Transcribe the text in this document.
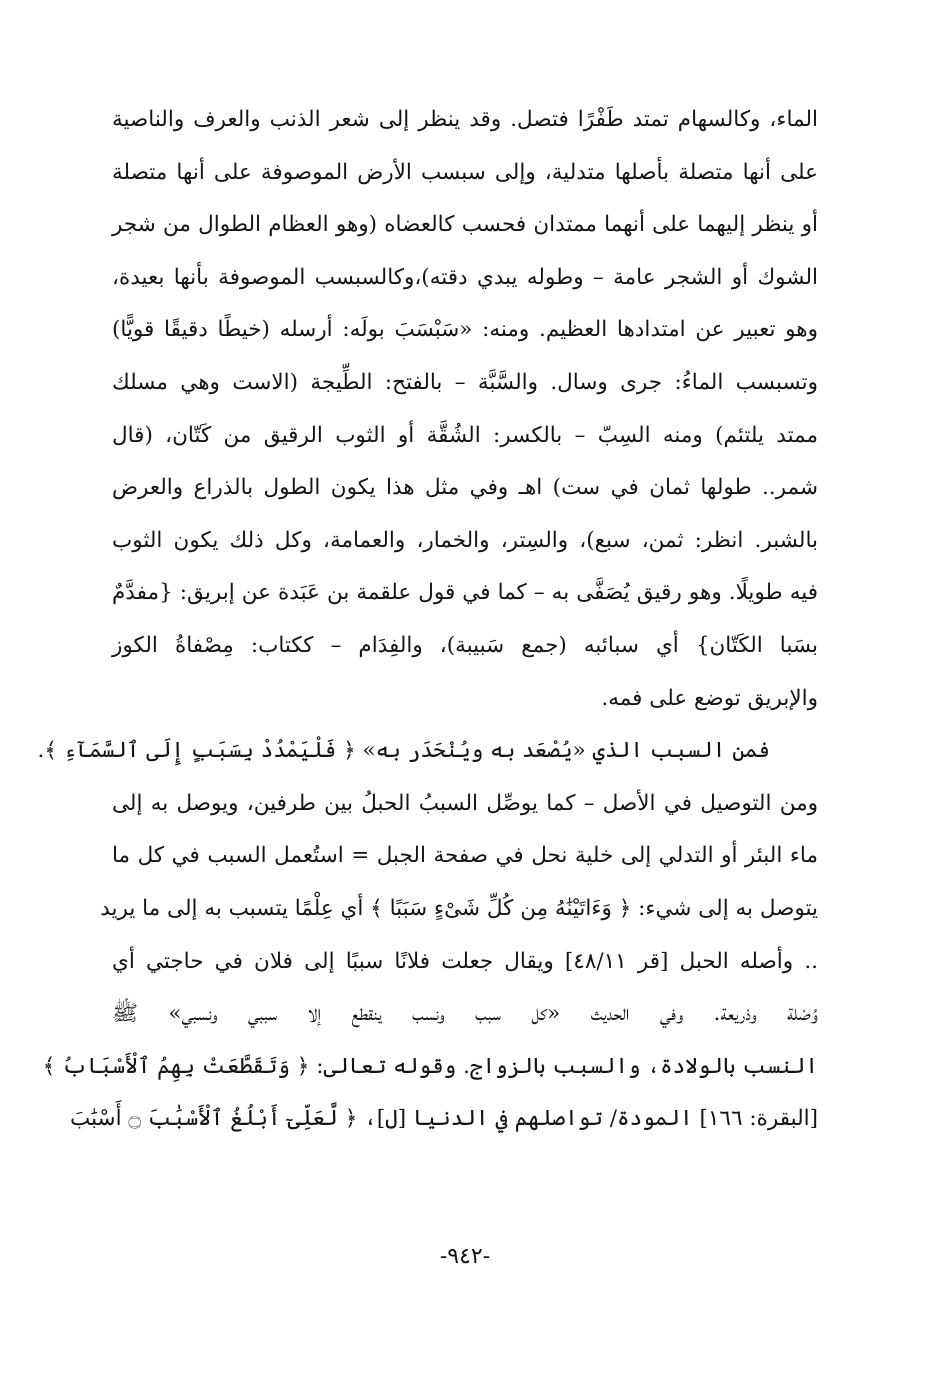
الماء، وكالسهام تمتد طَفْرًا فتصل. وقد ينظر إلى شعر الذنب والعرف والناصية
على أنها متصلة بأصلها متدلية، وإلى سبسب الأرض الموصوفة على أنها متصلة
أو ينظر إليهما على أنهما ممتدان فحسب كالعضاه (وهو العظام الطوال من شجر
الشوك أو الشجر عامة – وطوله يبدي دقته)،وكالسبسب الموصوفة بأنها بعيدة،
وهو تعبير عن امتدادها العظيم. ومنه: «سَبْسَبَ بولَه: أرسله (خيطًا دقيقًا قويًّا)
وتسبسب الماءُ: جرى وسال. والسَّبَّة – بالفتح: الطِّيجة (الاست وهي مسلك
ممتد يلتئم) ومنه السِبّ – بالكسر: الشُقَّة أو الثوب الرقيق من كَتّان، (قال
شمر.. طولها ثمان في ست) اهـ وفي مثل هذا يكون الطول بالذراع والعرض
بالشبر. انظر: ثمن، سبع)، والسِتر، والخمار، والعمامة، وكل ذلك يكون الثوب
فيه طويلًا. وهو رقيق يُصَفَّى به – كما في قول علقمة بن عَبَدة عن إبريق: {مفدَّمٌ
بسَبا الكَتّان} أي سبائبه (جمع سَبيبة)، والفِدَام – ككتاب: مِصْفاةُ الكوز
والإبريق توضع على فمه.
فمن السبب الذي «يُصْعَد به ويُنْحَدَر به» ﴿ فَلْيَمْدُدْ بِسَبَبٍ إِلَى ٱلسَّمَآءِ ﴾.
ومن التوصيل في الأصل – كما يوصِّل السببُ الحبلُ بين طرفين، ويوصل به إلى
ماء البئر أو التدلي إلى خلية نحل في صفحة الجبل = استُعمل السبب في كل ما
يتوصل به إلى شيء: ﴿ وَءَاتَيْنَٰهُ مِن كُلِّ شَىْءٍ سَبَبًا ﴾ أي عِلْمًا يتسبب به إلى ما يريد
.. وأصله الحبل [قر ٤٨/١١] ويقال جعلت فلانًا سببًا إلى فلان في حاجتي أي
وُصْلة وذريعة. وفي الحديث «كل سبب ونسب ينقطع إلا سببي ونسبي» ﷺ
النسب بالولادة، والسبب بالزواج. وقوله تعالى: ﴿ وَتَقَطَّعَتْ بِهِمُ ٱلْأَسْبَابُ ﴾
[البقرة: ١٦٦] المودة/ تواصلهم في الدنيا [ل]، ﴿ لَّعَلِّىٓ أَبْلُغُ ٱلْأَسْبَٰبَ ۝ أَسْبَٰبَ
-٩٤٢-
